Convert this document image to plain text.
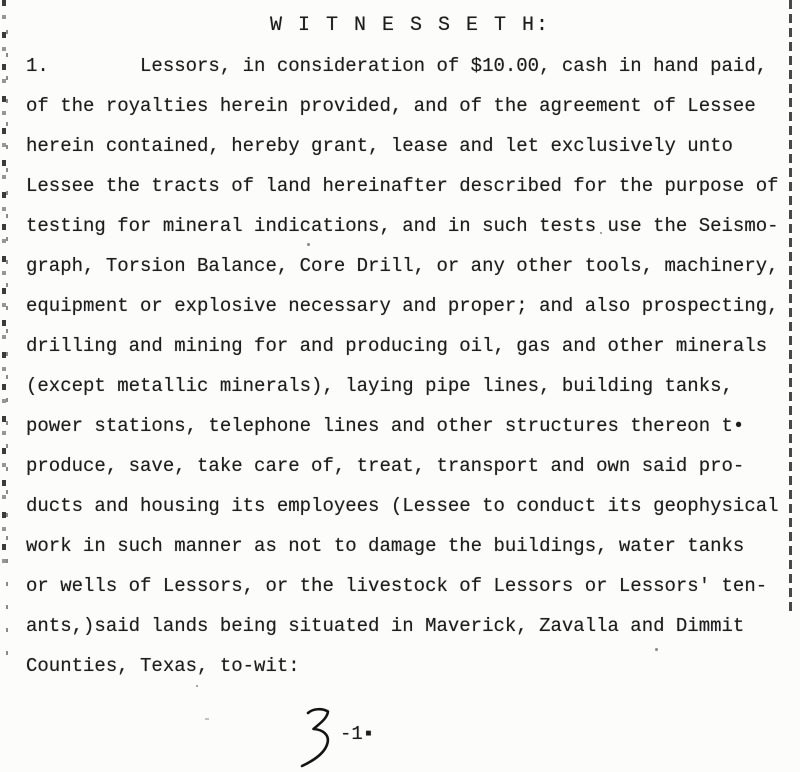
W I T N E S S E T H:
1.        Lessors, in consideration of $10.00, cash in hand paid,
of the royalties herein provided, and of the agreement of Lessee
herein contained, hereby grant, lease and let exclusively unto
Lessee the tracts of land hereinafter described for the purpose of
testing for mineral indications, and in such tests use the Seismo-
graph, Torsion Balance, Core Drill, or any other tools, machinery,
equipment or explosive necessary and proper; and also prospecting,
drilling and mining for and producing oil, gas and other minerals
(except metallic minerals), laying pipe lines, building tanks,
power stations, telephone lines and other structures thereon t•
produce, save, take care of, treat, transport and own said pro-
ducts and housing its employees (Lessee to conduct its geophysical
work in such manner as not to damage the buildings, water tanks
or wells of Lessors, or the livestock of Lessors or Lessors' ten-
ants,)said lands being situated in Maverick, Zavalla and Dimmit
Counties, Texas, to-wit:
-1▪
